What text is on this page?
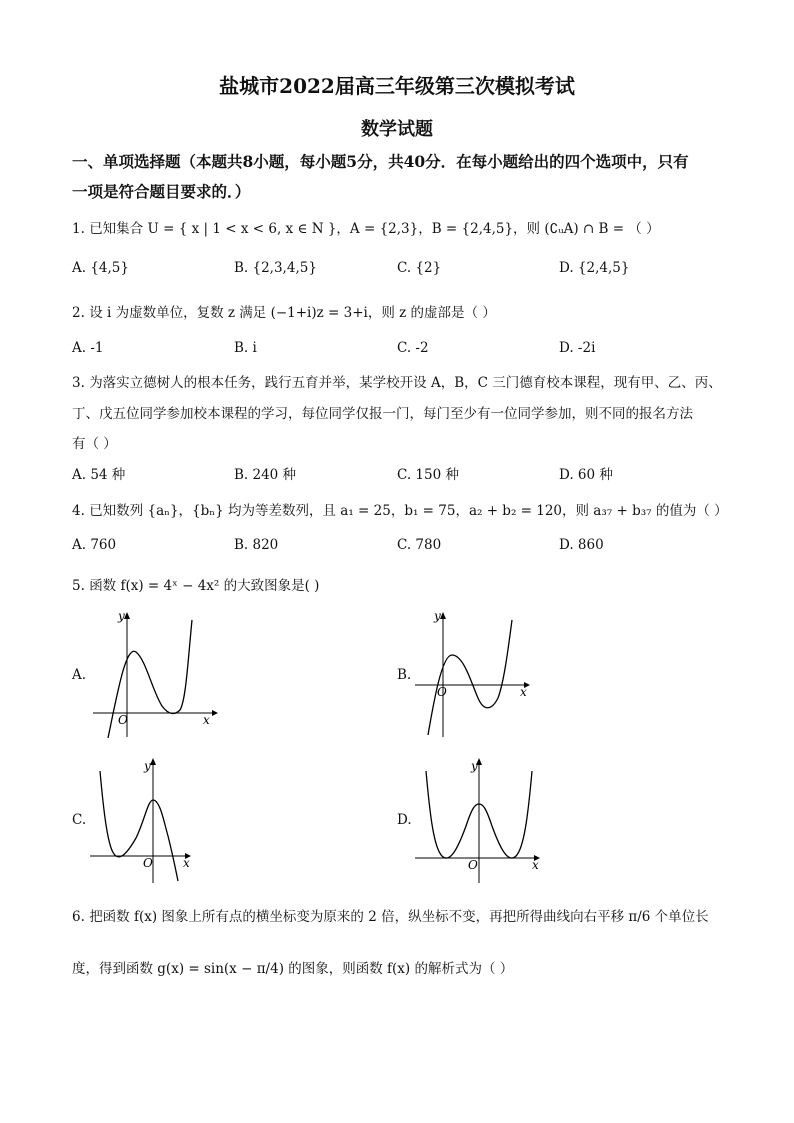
盐城市2022届高三年级第三次模拟考试
数学试题
一、单项选择题（本题共8小题，每小题5分，共40分．在每小题给出的四个选项中，只有
一项是符合题目要求的．）
1. 已知集合 U = { x | 1 < x < 6, x ∈ N }，A = {2,3}，B = {2,4,5}，则 (∁ᵤA) ∩ B = （ ）
A. {4,5}	B. {2,3,4,5}	C. {2}	D. {2,4,5}
2. 设 i 为虚数单位，复数 z 满足 (−1+i)z = 3+i，则 z 的虚部是（ ）
A. -1	B. i	C. -2	D. -2i
3. 为落实立德树人的根本任务，践行五育并举，某学校开设 A，B，C 三门德育校本课程，现有甲、乙、丙、
丁、戊五位同学参加校本课程的学习，每位同学仅报一门，每门至少有一位同学参加，则不同的报名方法
有（ ）
A. 54 种	B. 240 种	C. 150 种	D. 60 种
4. 已知数列 {aₙ}，{bₙ} 均为等差数列，且 a₁ = 25，b₁ = 75，a₂ + b₂ = 120，则 a₃₇ + b₃₇ 的值为（ ）
A. 760	B. 820	C. 780	D. 860
5. 函数 f(x) = 4ˣ − 4x² 的大致图象是( )
A.
y
x
O
B.
y
x
O
C.
y
x
O
D.
y
x
O
6. 把函数 f(x) 图象上所有点的横坐标变为原来的 2 倍，纵坐标不变，再把所得曲线向右平移 π/6 个单位长
度，得到函数 g(x) = sin(x − π/4) 的图象，则函数 f(x) 的解析式为（ ）
